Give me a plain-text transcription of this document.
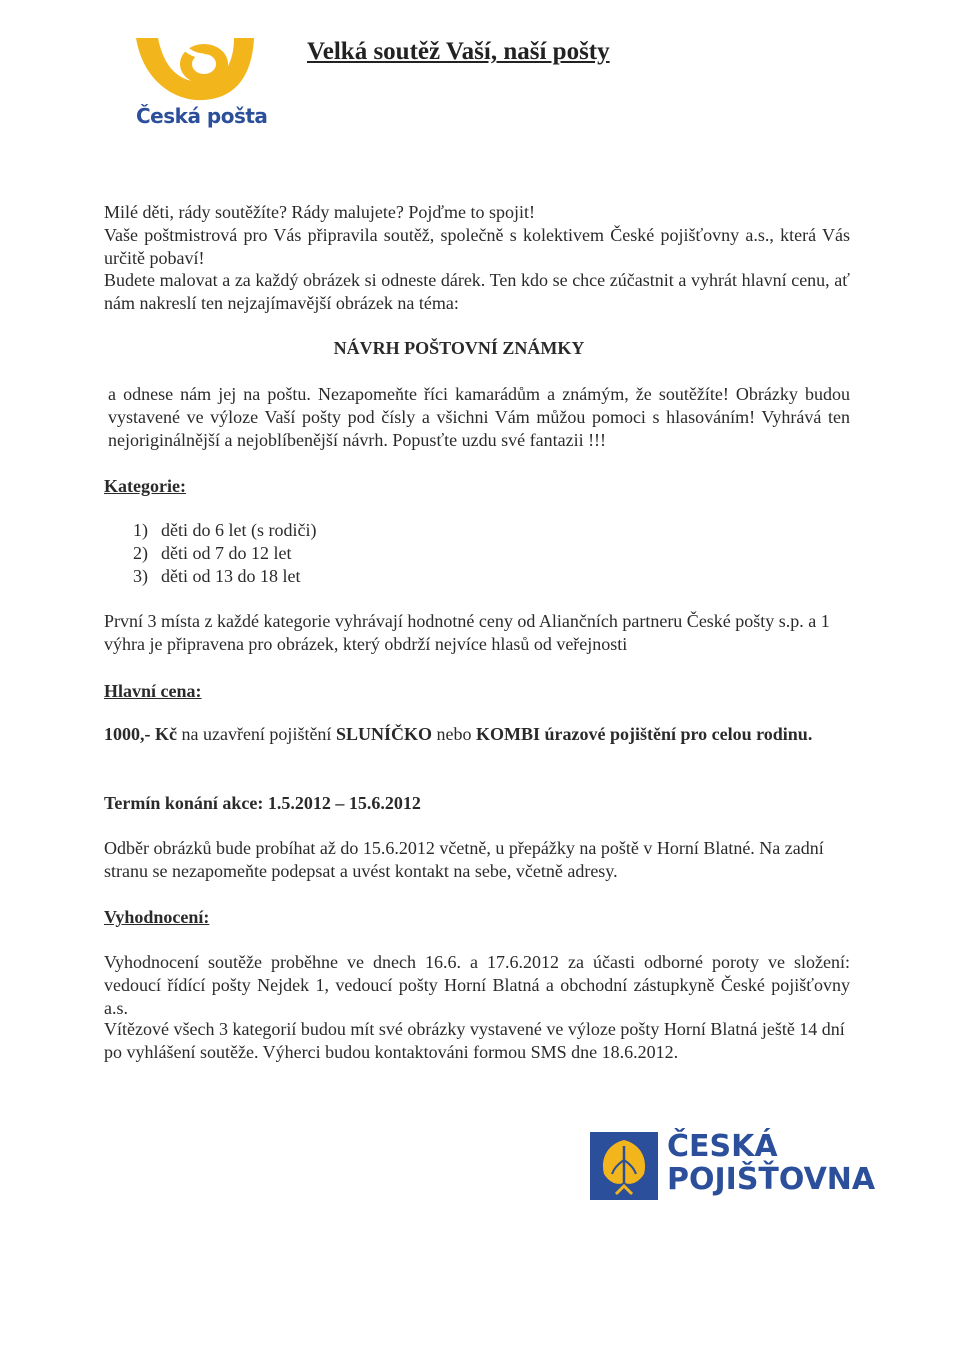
Česká pošta
Velká soutěž Vaší, naší pošty
Milé děti, rády soutěžíte? Rády malujete? Pojďme to spojit!
Vaše poštmistrová pro Vás připravila soutěž, společně s kolektivem České pojišťovny a.s., která Vás určitě pobaví!
Budete malovat a za každý obrázek si odneste dárek. Ten kdo se chce zúčastnit a vyhrát hlavní cenu, ať nám nakreslí ten nejzajímavější obrázek na téma:
NÁVRH POŠTOVNÍ ZNÁMKY
a odnese nám jej na poštu. Nezapomeňte říci kamarádům a známým, že soutěžíte! Obrázky budou vystavené ve výloze Vaší pošty pod čísly a všichni Vám můžou pomoci s hlasováním! Vyhrává ten nejoriginálnější a nejoblíbenější návrh. Popusťte uzdu své fantazii !!!
Kategorie:
1) děti do 6 let (s rodiči)
2) děti od 7 do 12 let
3) děti od 13 do 18 let
První 3 místa z každé kategorie vyhrávají hodnotné ceny od Aliančních partneru České pošty s.p. a 1 výhra je připravena pro obrázek, který obdrží nejvíce hlasů od veřejnosti
Hlavní cena:
1000,- Kč na uzavření pojištění SLUNÍČKO nebo KOMBI úrazové pojištění pro celou rodinu.
Termín konání akce: 1.5.2012 – 15.6.2012
Odběr obrázků bude probíhat až do 15.6.2012 včetně, u přepážky na poště v Horní Blatné. Na zadní stranu se nezapomeňte podepsat a uvést kontakt na sebe, včetně adresy.
Vyhodnocení:
Vyhodnocení soutěže proběhne ve dnech 16.6. a 17.6.2012 za účasti odborné poroty ve složení: vedoucí řídící pošty Nejdek 1, vedoucí pošty Horní Blatná a obchodní zástupkyně České pojišťovny a.s.
Vítězové všech 3 kategorií budou mít své obrázky vystavené ve výloze pošty Horní Blatná ještě 14 dní po vyhlášení soutěže. Výherci budou kontaktováni formou SMS dne 18.6.2012.
ČESKÁ
POJIŠŤOVNA
